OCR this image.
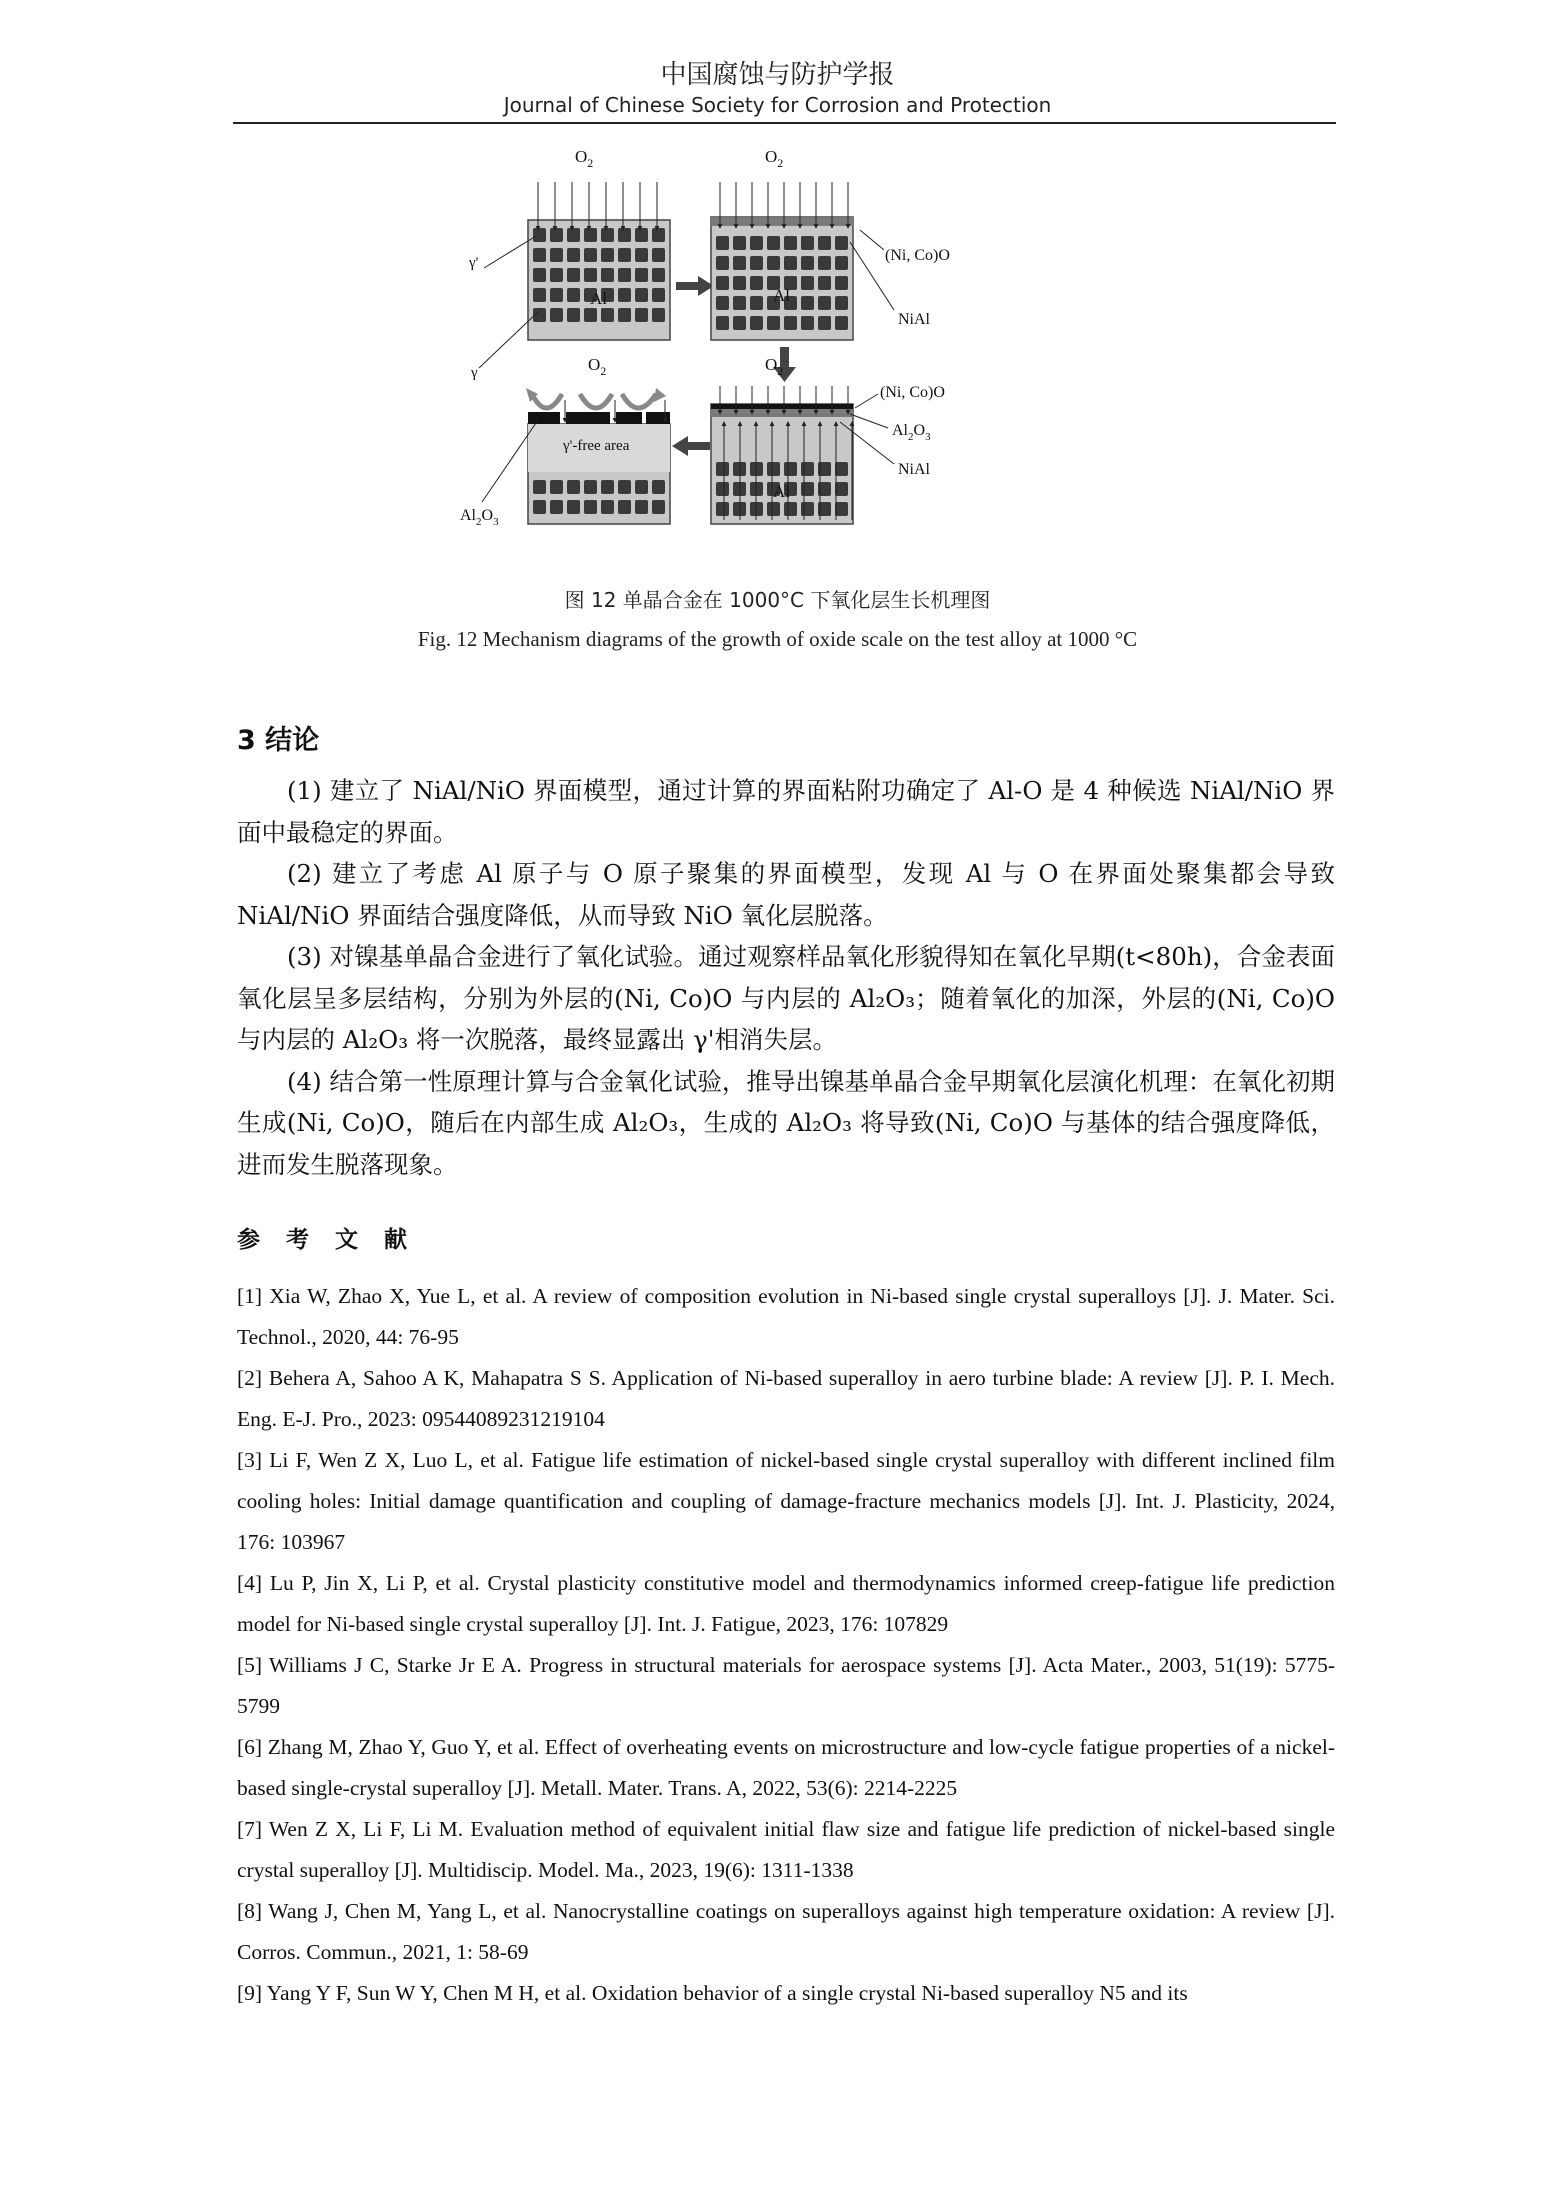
中国腐蚀与防护学报
Journal of Chinese Society for Corrosion and Protection
$O_2$
Al
γ'
γ
$O_2$
Al
(Ni, Co)O
NiAl
$O_2$
Al
(Ni, Co)O
$Al_2O_3$
NiAl
$O_2$
γ'-free area
$Al_2O_3$
图 12 单晶合金在 1000°C 下氧化层生长机理图
Fig. 12 Mechanism diagrams of the growth of oxide scale on the test alloy at 1000 °C
3 结论

(1) 建立了 NiAl/NiO 界面模型，通过计算的界面粘附功确定了 Al-O 是 4 种候选 NiAl/NiO 界面中最稳定的界面。

(2) 建立了考虑 Al 原子与 O 原子聚集的界面模型，发现 Al 与 O 在界面处聚集都会导致 NiAl/NiO 界面结合强度降低，从而导致 NiO 氧化层脱落。

(3) 对镍基单晶合金进行了氧化试验。通过观察样品氧化形貌得知在氧化早期(t<80h)，合金表面氧化层呈多层结构，分别为外层的(Ni, Co)O 与内层的 Al₂O₃；随着氧化的加深，外层的(Ni, Co)O 与内层的 Al₂O₃ 将一次脱落，最终显露出 γ'相消失层。

(4) 结合第一性原理计算与合金氧化试验，推导出镍基单晶合金早期氧化层演化机理：在氧化初期生成(Ni, Co)O，随后在内部生成 Al₂O₃，生成的 Al₂O₃ 将导致(Ni, Co)O 与基体的结合强度降低，进而发生脱落现象。

参考文献

[1] Xia W, Zhao X, Yue L, et al. A review of composition evolution in Ni-based single crystal superalloys [J]. J. Mater. Sci. Technol., 2020, 44: 76-95

[2] Behera A, Sahoo A K, Mahapatra S S. Application of Ni-based superalloy in aero turbine blade: A review [J]. P. I. Mech. Eng. E-J. Pro., 2023: 09544089231219104

[3] Li F, Wen Z X, Luo L, et al. Fatigue life estimation of nickel-based single crystal superalloy with different inclined film cooling holes: Initial damage quantification and coupling of damage-fracture mechanics models [J]. Int. J. Plasticity, 2024, 176: 103967

[4] Lu P, Jin X, Li P, et al. Crystal plasticity constitutive model and thermodynamics informed creep-fatigue life prediction model for Ni-based single crystal superalloy [J]. Int. J. Fatigue, 2023, 176: 107829

[5] Williams J C, Starke Jr E A. Progress in structural materials for aerospace systems [J]. Acta Mater., 2003, 51(19): 5775-5799

[6] Zhang M, Zhao Y, Guo Y, et al. Effect of overheating events on microstructure and low-cycle fatigue properties of a nickel-based single-crystal superalloy [J]. Metall. Mater. Trans. A, 2022, 53(6): 2214-2225

[7] Wen Z X, Li F, Li M. Evaluation method of equivalent initial flaw size and fatigue life prediction of nickel-based single crystal superalloy [J]. Multidiscip. Model. Ma., 2023, 19(6): 1311-1338

[8] Wang J, Chen M, Yang L, et al. Nanocrystalline coatings on superalloys against high temperature oxidation: A review [J]. Corros. Commun., 2021, 1: 58-69

[9] Yang Y F, Sun W Y, Chen M H, et al. Oxidation behavior of a single crystal Ni-based superalloy N5 and its
